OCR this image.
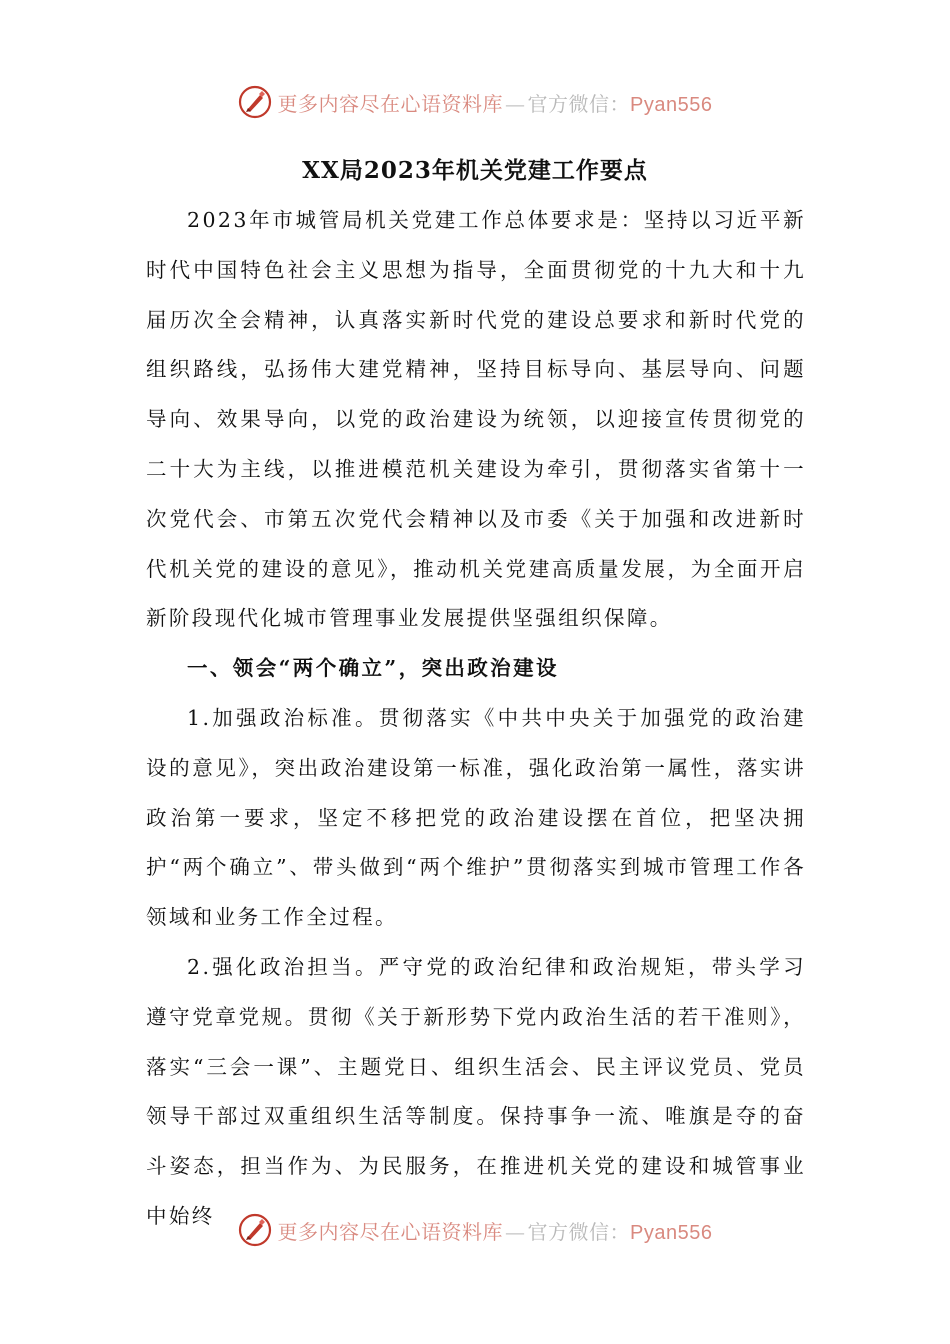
更多内容尽在心语资料库 — 官方微信：Pyan556
XX局2023年机关党建工作要点

2023年市城管局机关党建工作总体要求是：坚持以习近平新时代中国特色社会主义思想为指导，全面贯彻党的十九大和十九届历次全会精神，认真落实新时代党的建设总要求和新时代党的组织路线，弘扬伟大建党精神，坚持目标导向、基层导向、问题导向、效果导向，以党的政治建设为统领，以迎接宣传贯彻党的二十大为主线，以推进模范机关建设为牵引，贯彻落实省第十一次党代会、市第五次党代会精神以及市委《关于加强和改进新时代机关党的建设的意见》，推动机关党建高质量发展，为全面开启新阶段现代化城市管理事业发展提供坚强组织保障。

一、领会“两个确立”，突出政治建设

1.加强政治标准。贯彻落实《中共中央关于加强党的政治建设的意见》，突出政治建设第一标准，强化政治第一属性，落实讲政治第一要求，坚定不移把党的政治建设摆在首位，把坚决拥护“两个确立”、带头做到“两个维护”贯彻落实到城市管理工作各领域和业务工作全过程。

2.强化政治担当。严守党的政治纪律和政治规矩，带头学习遵守党章党规。贯彻《关于新形势下党内政治生活的若干准则》，落实“三会一课”、主题党日、组织生活会、民主评议党员、党员领导干部过双重组织生活等制度。保持事争一流、唯旗是夺的奋斗姿态，担当作为、为民服务，在推进机关党的建设和城管事业中始终

更多内容尽在心语资料库 — 官方微信：Pyan556
